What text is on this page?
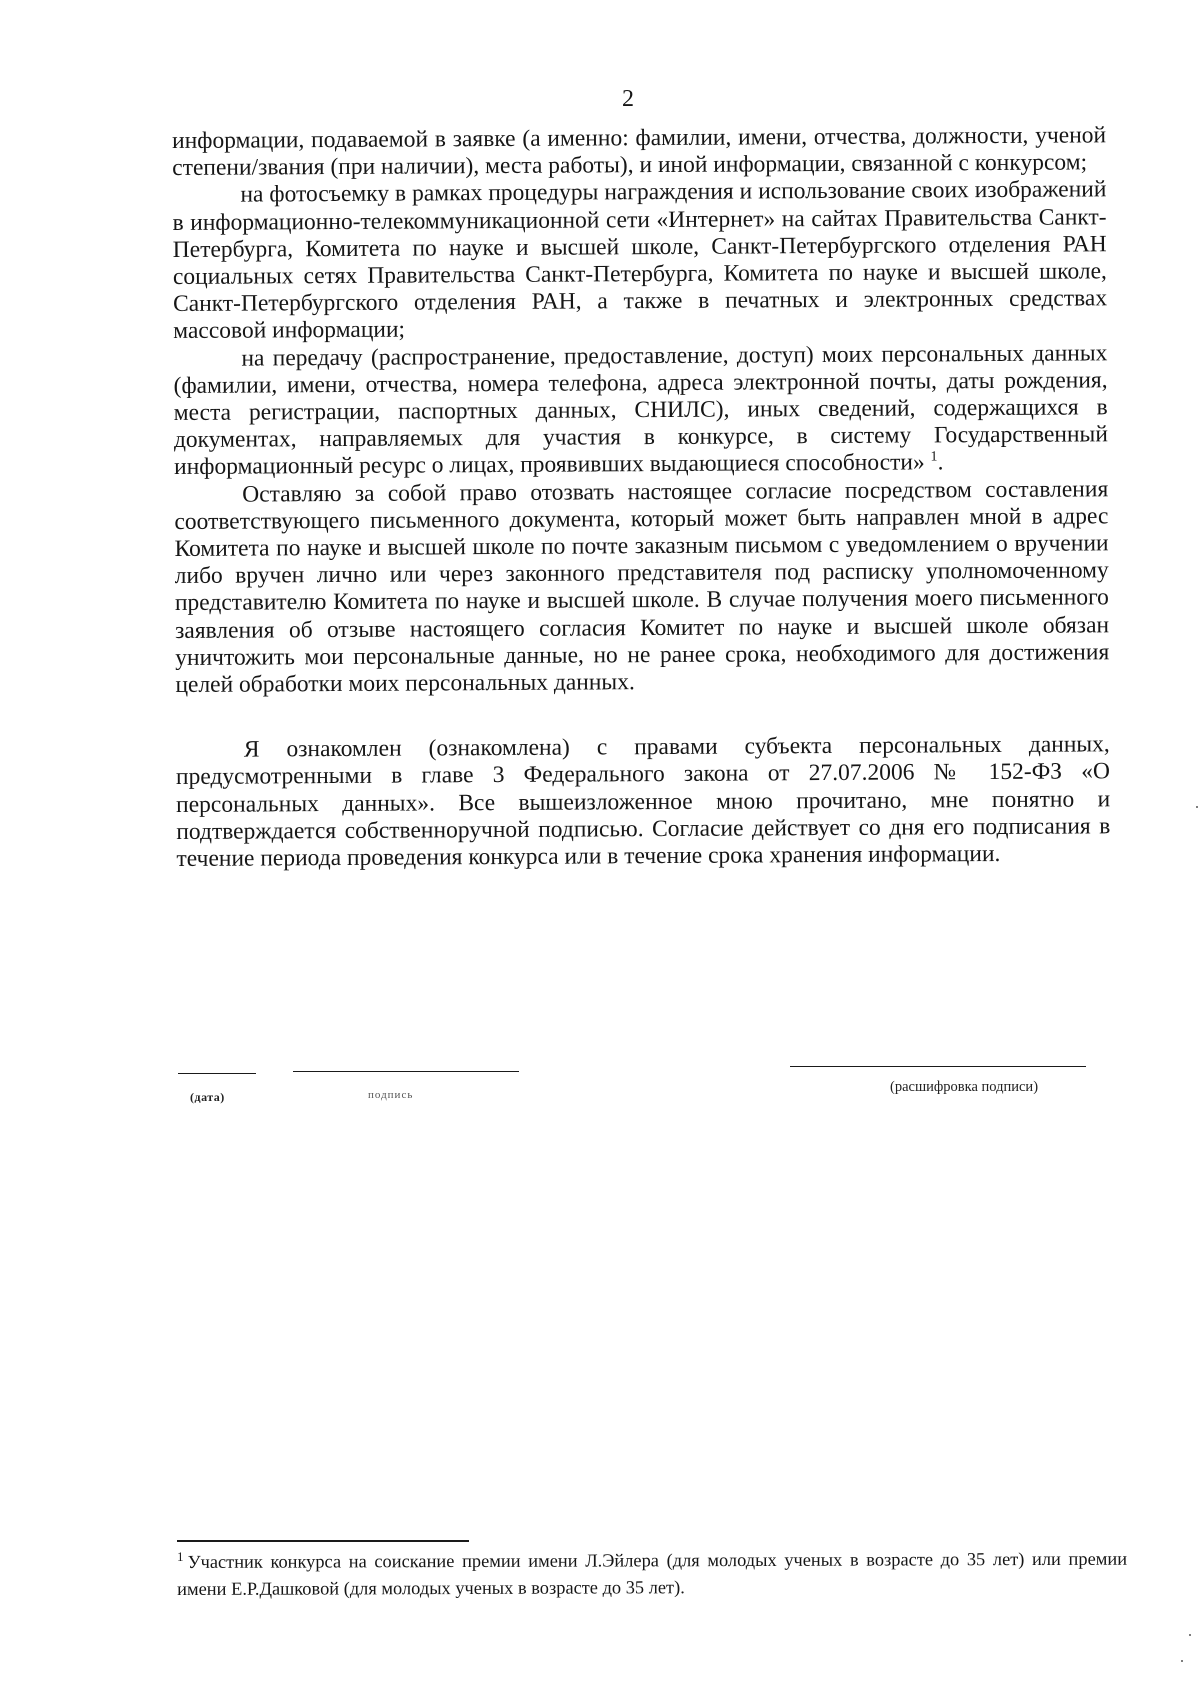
2

информации, подаваемой в заявке (а именно: фамилии, имени, отчества, должности, ученой степени/звания (при наличии), места работы), и иной информации, связанной с конкурсом;

на фотосъемку в рамках процедуры награждения и использование своих изображений в информационно-телекоммуникационной сети «Интернет» на сайтах Правительства Санкт-Петербурга, Комитета по науке и высшей школе, Санкт-Петербургского отделения РАН социальных сетях Правительства Санкт-Петербурга, Комитета по науке и высшей школе, Санкт-Петербургского отделения РАН, а также в печатных и электронных средствах массовой информации;

на передачу (распространение, предоставление, доступ) моих персональных данных (фамилии, имени, отчества, номера телефона, адреса электронной почты, даты рождения, места регистрации, паспортных данных, СНИЛС), иных сведений, содержащихся в документах, направляемых для участия в конкурсе, в систему Государственный информационный ресурс о лицах, проявивших выдающиеся способности» $^1$.

Оставляю за собой право отозвать настоящее согласие посредством составления соответствующего письменного документа, который может быть направлен мной в адрес Комитета по науке и высшей школе по почте заказным письмом с уведомлением о вручении либо вручен лично или через законного представителя под расписку уполномоченному представителю Комитета по науке и высшей школе. В случае получения моего письменного заявления об отзыве настоящего согласия Комитет по науке и высшей школе обязан уничтожить мои персональные данные, но не ранее срока, необходимого для достижения целей обработки моих персональных данных.

Я ознакомлен (ознакомлена) с правами субъекта персональных данных, предусмотренными в главе 3 Федерального закона от 27.07.2006 № 152-ФЗ «О персональных данных». Все вышеизложенное мною прочитано, мне понятно и подтверждается собственноручной подписью. Согласие действует со дня его подписания в течение периода проведения конкурса или в течение срока хранения информации.

(дата)	подпись	(расшифровка подписи)
$^1$ Участник конкурса на соискание премии имени Л.Эйлера (для молодых ученых в возрасте до 35 лет) или премии имени Е.Р.Дашковой (для молодых ученых в возрасте до 35 лет).
